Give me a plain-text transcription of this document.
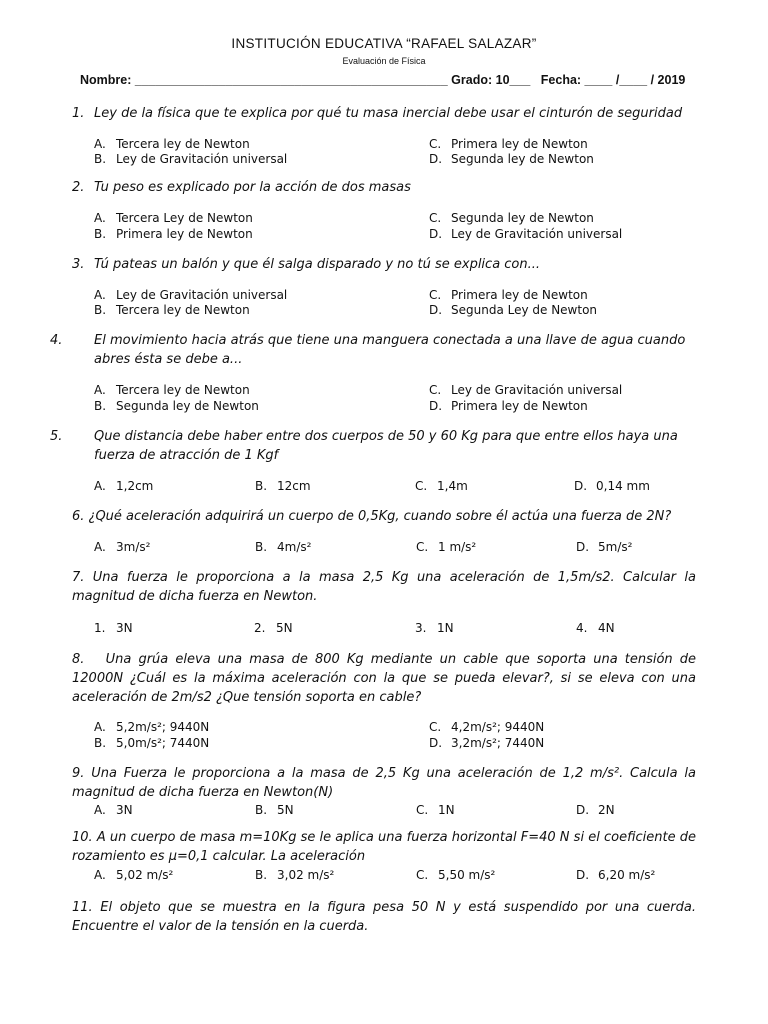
INSTITUCIÓN EDUCATIVA “RAFAEL SALAZAR”
Evaluación de Física
Nombre: _____________________________________________ Grado: 10___   Fecha: ____ /____ / 2019
1. Ley de la física que te explica por qué tu masa inercial debe usar el cinturón de seguridad
A. Tercera ley de Newton
B. Ley de Gravitación universal
C. Primera ley de Newton
D. Segunda ley de Newton
2. Tu peso es explicado por la acción de dos masas
A. Tercera Ley de Newton
B. Primera ley de Newton
C. Segunda ley de Newton
D. Ley de Gravitación universal
3. Tú pateas un balón y que él salga disparado y no tú se explica con...
A. Ley de Gravitación universal
B. Tercera ley de Newton
C. Primera ley de Newton
D. Segunda Ley de Newton
4. El movimiento hacia atrás que tiene una manguera conectada a una llave de agua cuando abres ésta se debe a...
A. Tercera ley de Newton
B. Segunda ley de Newton
C. Ley de Gravitación universal
D. Primera ley de Newton
5. Que distancia debe haber entre dos cuerpos de 50 y 60 Kg para que entre ellos haya una fuerza de atracción de 1 Kgf
A. 1,2cm	B. 12cm	C. 1,4m	D. 0,14 mm
6. ¿Qué aceleración adquirirá un cuerpo de 0,5Kg, cuando sobre él actúa una fuerza de 2N?
A. 3m/s²	B. 4m/s²	C. 1 m/s²	D. 5m/s²
7. Una fuerza le proporciona a la masa 2,5 Kg una aceleración de 1,5m/s2. Calcular la magnitud de dicha fuerza en Newton.
1. 3N	2. 5N	3. 1N	4. 4N
8. Una grúa eleva una masa de 800 Kg mediante un cable que soporta una tensión de 12000N ¿Cuál es la máxima aceleración con la que se pueda elevar?, si se eleva con una aceleración de 2m/s2 ¿Que tensión soporta en cable?
A. 5,2m/s²; 9440N
B. 5,0m/s²; 7440N
C. 4,2m/s²; 9440N
D. 3,2m/s²; 7440N
9. Una Fuerza le proporciona a la masa de 2,5 Kg una aceleración de 1,2 m/s². Calcula la magnitud de dicha fuerza en Newton(N)
A. 3N	B. 5N	C. 1N	D. 2N
10. A un cuerpo de masa m=10Kg se le aplica una fuerza horizontal F=40 N si el coeficiente de rozamiento es μ=0,1 calcular. La aceleración
A. 5,02 m/s²	B. 3,02 m/s²	C. 5,50 m/s²	D. 6,20 m/s²
11. El objeto que se muestra en la figura pesa 50 N y está suspendido por una cuerda. Encuentre el valor de la tensión en la cuerda.
